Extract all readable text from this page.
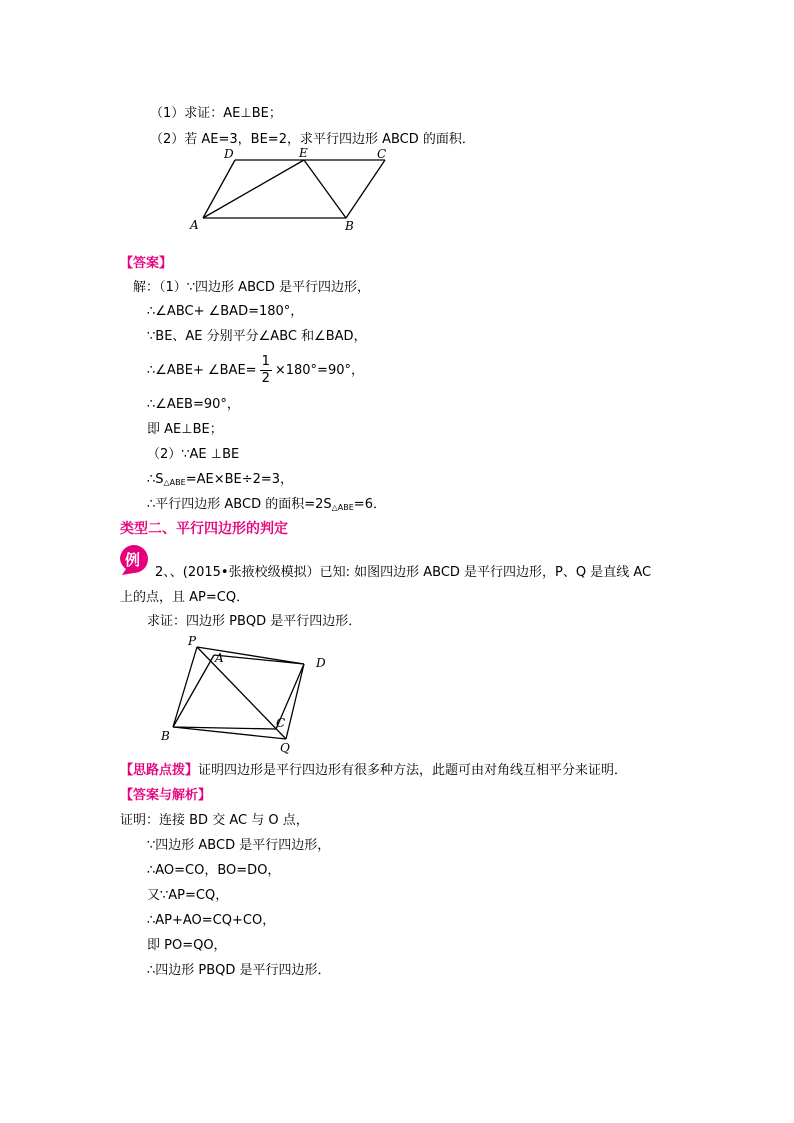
（1）求证：AE⊥BE；
（2）若 AE=3，BE=2，求平行四边形 ABCD 的面积．
D	E	C
A	B
【答案】
解：（1）∵四边形 ABCD 是平行四边形，
∴∠ABC+ ∠BAD=180°，
∵BE、AE 分别平分∠ABC 和∠BAD，
∴∠ABE+ ∠BAE= $\frac{1}{2} \times 180^\circ=90^\circ$，
∴∠AEB=90°，
即 AE⊥BE；
（2）∵AE ⊥BE
$\therefore S_{\triangle ABE}=AE\times BE\div 2=3$，
∴平行四边形 ABCD 的面积$=2S_{\triangle ABE}=6$．
类型二、平行四边形的判定
例
2、、(2015•张掖校级模拟）已知: 如图四边形 ABCD 是平行四边形，P、Q 是直线 AC
上的点，且 AP=CQ．
求证：四边形 PBQD 是平行四边形．
P
A	D
C
B
Q
【思路点拨】证明四边形是平行四边形有很多种方法，此题可由对角线互相平分来证明．
【答案与解析】
证明：连接 BD 交 AC 与 O 点，
∵四边形 ABCD 是平行四边形，
∴AO=CO，BO=DO，
又∵AP=CQ，
∴AP+AO=CQ+CO，
即 PO=QO，
∴四边形 PBQD 是平行四边形．
